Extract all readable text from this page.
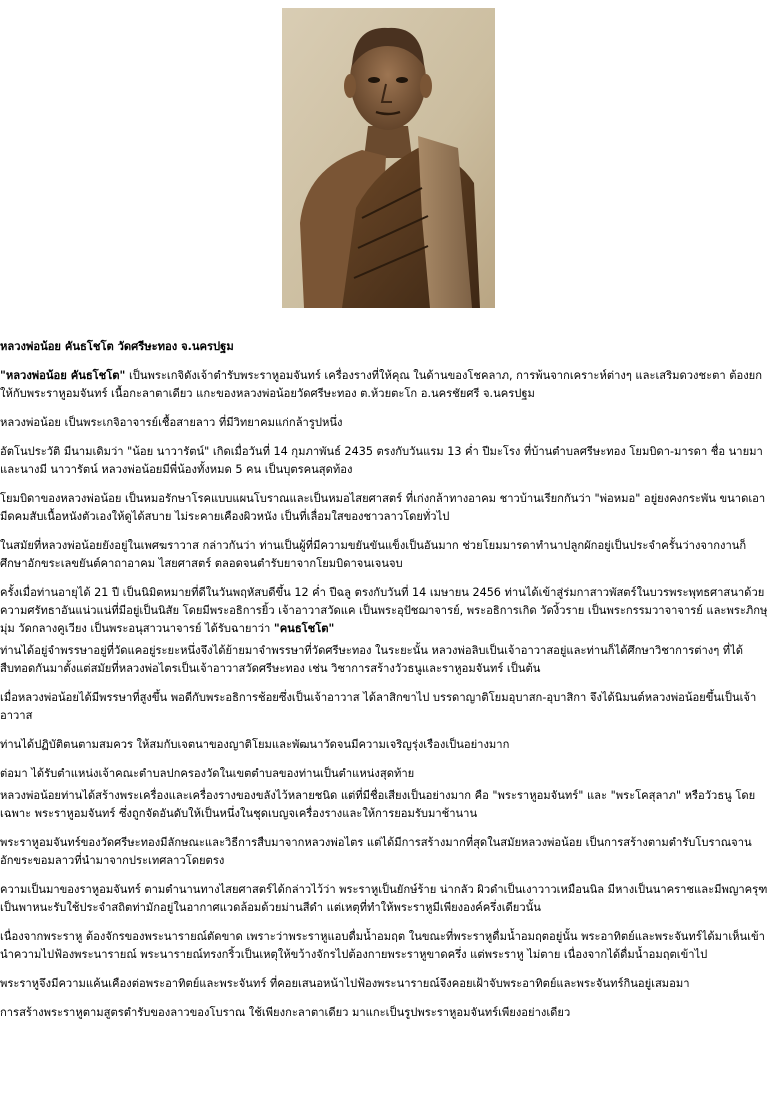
หลวงพ่อน้อย คันธโชโต วัดศรีษะทอง จ.นครปฐม

"หลวงพ่อน้อย คันธโชโต" เป็นพระเกจิดังเจ้าตำรับพระราหูอมจันทร์ เครื่องรางที่ให้คุณ ในด้านของโชคลาภ, การพ้นจากเคราะห์ต่างๆ และเสริมดวงชะตา ต้องยกให้กับพระราหูอมจันทร์ เนื้อกะลาตาเดียว แกะของหลวงพ่อน้อยวัดศรีษะทอง ต.ห้วยตะโก อ.นครชัยศรี จ.นครปฐม

หลวงพ่อน้อย เป็นพระเกจิอาจารย์เชื้อสายลาว ที่มีวิทยาคมแก่กล้ารูปหนึ่ง

อัตโนประวัติ มีนามเดิมว่า "น้อย นาวารัตน์" เกิดเมื่อวันที่ 14 กุมภาพันธ์ 2435 ตรงกับวันแรม 13 ค่ำ ปีมะโรง ที่บ้านตำบลศรีษะทอง โยมบิดา-มารดา ชื่อ นายมาและนางมี นาวารัตน์ หลวงพ่อน้อยมีพี่น้องทั้งหมด 5 คน เป็นบุตรคนสุดท้อง

โยมบิดาของหลวงพ่อน้อย เป็นหมอรักษาโรคแบบแผนโบราณและเป็นหมอไสยศาสตร์ ที่เก่งกล้าทางอาคม ชาวบ้านเรียกกันว่า "พ่อหมอ" อยู่ยงคงกระพัน ขนาดเอามีดคมสับเนื้อหนังตัวเองให้ดูได้สบาย ไม่ระคายเคืองผิวหนัง เป็นที่เลื่อมใสของชาวลาวโดยทั่วไป

ในสมัยที่หลวงพ่อน้อยยังอยู่ในเพศฆราวาส กล่าวกันว่า ท่านเป็นผู้ที่มีความขยันขันแข็งเป็นอันมาก ช่วยโยมมารดาทำนาปลูกผักอยู่เป็นประจำครั้นว่างจากงานก็ศึกษาอักขระเลขยันต์คาถาอาคม ไสยศาสตร์ ตลอดจนตำรับยาจากโยมบิดาจนเจนจบ

ครั้งเมื่อท่านอายุได้ 21 ปี เป็นนิมิตหมายที่ดีในวันพฤหัสบดีขึ้น 12 ค่ำ ปีฉลู ตรงกับวันที่ 14 เมษายน 2456 ท่านได้เข้าสู่ร่มกาสาวพัสตร์ในบวรพระพุทธศาสนาด้วยความศรัทธาอันแน่วแน่ที่มีอยู่เป็นนิสัย โดยมีพระอธิการยิ้ว เจ้าอาวาสวัดแค เป็นพระอุปัชฌาจารย์, พระอธิการเกิด วัดงิ้วราย เป็นพระกรรมวาจาจารย์ และพระภิกษุมุ่ม วัดกลางคูเวียง เป็นพระอนุสาวนาจารย์ ได้รับฉายาว่า "คนธโชโต"

ท่านได้อยู่จำพรรษาอยู่ที่วัดแคอยู่ระยะหนึ่งจึงได้ย้ายมาจำพรรษาที่วัดศรีษะทอง ในระยะนั้น หลวงพ่อลิบเป็นเจ้าอาวาสอยู่และท่านก็ได้ศึกษาวิชาการต่างๆ ที่ได้สืบทอดกันมาตั้งแต่สมัยที่หลวงพ่อไตรเป็นเจ้าอาวาสวัดศรีษะทอง เช่น วิชาการสร้างวัวธนูและราหูอมจันทร์ เป็นต้น

เมื่อหลวงพ่อน้อยได้มีพรรษาที่สูงขึ้น พอดีกับพระอธิการช้อยซึ่งเป็นเจ้าอาวาส ได้ลาสิกขาไป บรรดาญาติโยมอุบาสก-อุบาสิกา จึงได้นิมนต์หลวงพ่อน้อยขึ้นเป็นเจ้าอาวาส

ท่านได้ปฏิบัติตนตามสมควร ให้สมกับเจตนาของญาติโยมและพัฒนาวัดจนมีความเจริญรุ่งเรืองเป็นอย่างมาก

ต่อมา ได้รับตำแหน่งเจ้าคณะตำบลปกครองวัดในเขตตำบลของท่านเป็นตำแหน่งสุดท้าย

หลวงพ่อน้อยท่านได้สร้างพระเครื่องและเครื่องรางของขลังไว้หลายชนิด แต่ที่มีชื่อเสียงเป็นอย่างมาก คือ "พระราหูอมจันทร์" และ "พระโคสุลาภ" หรือวัวธนู โดยเฉพาะ พระราหูอมจันทร์ ซึ่งถูกจัดอันดับให้เป็นหนึ่งในชุดเบญจเครื่องรางและให้การยอมรับมาช้านาน

พระราหูอมจันทร์ของวัดศรีษะทองมีลักษณะและวิธีการสืบมาจากหลวงพ่อไตร แต่ได้มีการสร้างมากที่สุดในสมัยหลวงพ่อน้อย เป็นการสร้างตามตำรับโบราณจานอักขระขอมลาวที่นำมาจากประเทศลาวโดยตรง

ความเป็นมาของราหูอมจันทร์ ตามตำนานทางไสยศาสตร์ได้กล่าวไว้ว่า พระราหูเป็นยักษ์ร้าย น่ากลัว ผิวดำเป็นเงาวาวเหมือนนิล มีหางเป็นนาคราชและมีพญาครุฑเป็นพาหนะรับใช้ประจำสถิตท่ามักอยู่ในอากาศแวดล้อมด้วยม่านสีดำ แต่เหตุที่ทำให้พระราหูมีเพียงองค์ครึ่งเดียวนั้น

เนื่องจากพระราหู ต้องจักรของพระนารายณ์ตัดขาด เพราะว่าพระราหูแอบดื่มน้ำอมฤต ในขณะที่พระราหูดื่มน้ำอมฤตอยู่นั้น พระอาทิตย์และพระจันทร์ได้มาเห็นเข้า นำความไปฟ้องพระนารายณ์ พระนารายณ์ทรงกริ้วเป็นเหตุให้ขว้างจักรไปต้องกายพระราหูขาดครึ่ง แต่พระราหู ไม่ตาย เนื่องจากได้ดื่มน้ำอมฤตเข้าไป

พระราหูจึงมีความแค้นเคืองต่อพระอาทิตย์และพระจันทร์ ที่คอยเสนอหน้าไปฟ้องพระนารายณ์จึงคอยเฝ้าจับพระอาทิตย์และพระจันทร์กินอยู่เสมอมา

การสร้างพระราหูตามสูตรตำรับของลาวของโบราณ ใช้เพียงกะลาตาเดียว มาแกะเป็นรูปพระราหูอมจันทร์เพียงอย่างเดียว
